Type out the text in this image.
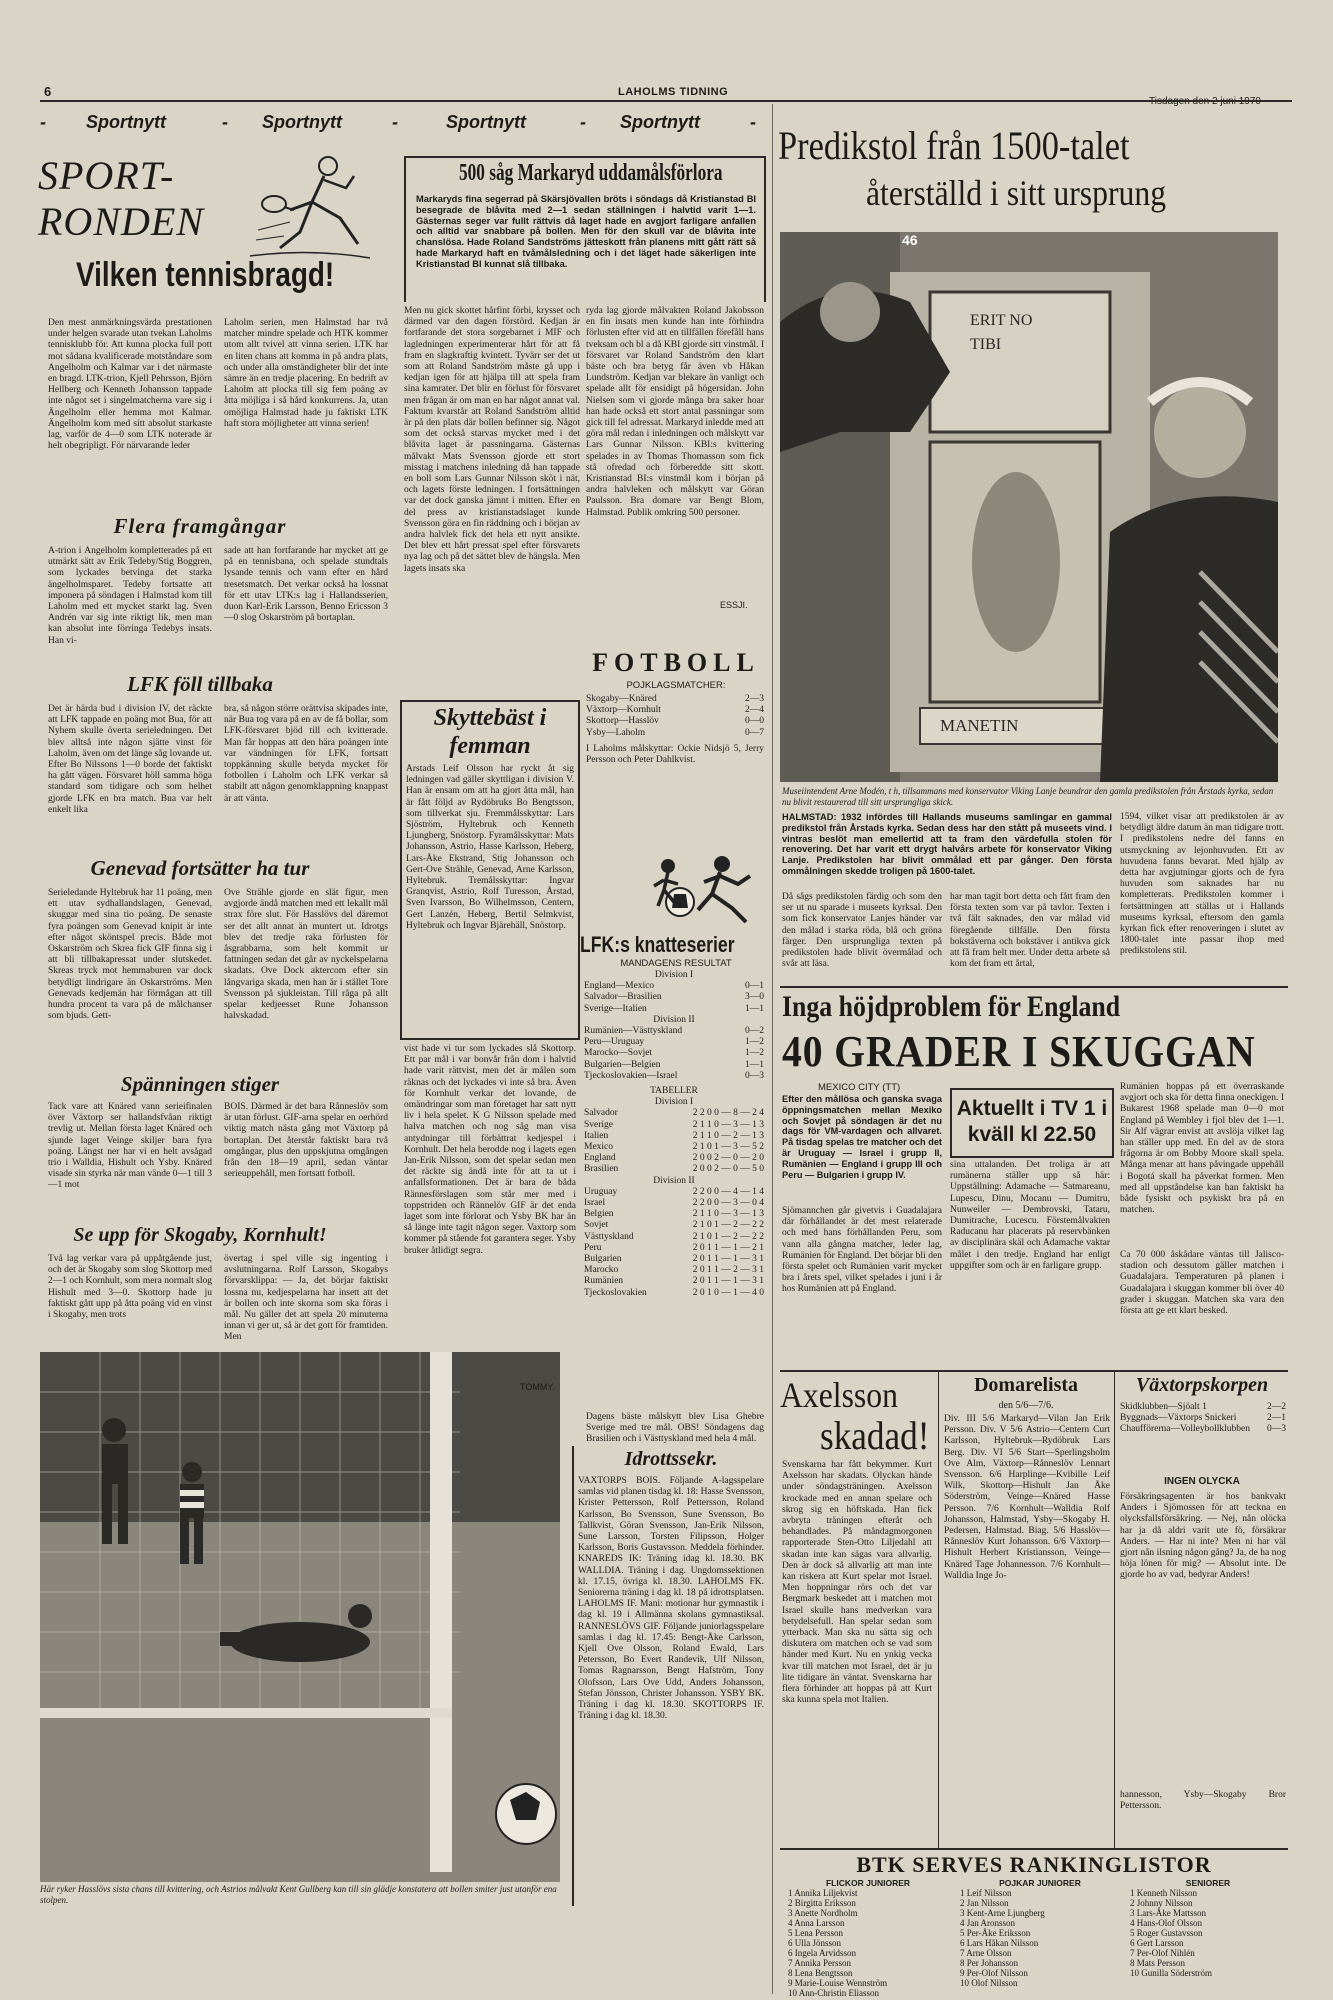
6	LAHOLMS TIDNING
- Sportnytt	- Sportnytt	-	Sportnytt	- Sportnytt	-
SPORT-
RONDEN
Vilken tennisbragd!
Den mest anmärkningsvärda prestationen under helgen svarade utan tvekan Laholms tennisklubb för. Att kunna plocka full pott mot sådana kvalificerade motståndare som Angelholm och Kalmar var i det närmaste en bragd. LTK-trion, Kjell Pehrsson, Björn Hellberg och Kenneth Johansson tappade inte något set i singelmatcherna vare sig i Ängelholm eller hemma mot Kalmar. Ängelholm kom med sitt absolut starkaste lag, varför de 4—0 som LTK noterade är helt obegripligt. För närvarande leder
Laholm serien, men Halmstad har två matcher mindre spelade och HTK kommer utom allt tvivel att vinna serien. LTK har en liten chans att komma in på andra plats, och under alla omständigheter blir det inte sämre än en tredje placering. En bedrift av Laholm att plocka till sig fem poäng av åtta möjliga i så hård konkurrens. Ja, utan omöjliga Halmstad hade ju faktiskt LTK haft stora möjligheter att vinna serien!
Flera framgångar
A-trion i Ängelholm kompletterades på ett utmärkt sätt av Erik Tedeby/Stig Boggren, som lyckades betvinga det starka ängelholmsparet. Tedeby fortsatte att imponera på söndagen i Halmstad kom till Laholm med ett mycket starkt lag. Sven Andrén var sig inte riktigt lik, men man kan absolut inte förringa Tedebys insats. Han vi-
sade att han fortfarande har mycket att ge på en tennisbana, och spelade stundtals lysande tennis och vann efter en hård tresetsmatch. Det verkar också ha lossnat för ett utav LTK:s lag i Hallandsserien, duon Karl-Erik Larsson, Benno Ericsson 3—0 slog Oskarström på bortaplan.
LFK föll tillbaka
Det är härda bud i division IV, det räckte att LFK tappade en poäng mot Bua, för att Nyhem skulle överta serieledningen. Det blev alltså inte någon sjätte vinst för Laholm, även om det länge såg lovande ut. Efter Bo Nilssons 1—0 borde det faktiskt ha gått vägen. Försvaret höll samma höga standard som tidigare och som helhet gjorde LFK en bra match. Bua var helt enkelt lika
bra, så någon större orättvisa skipades inte, när Bua tog vara på en av de få bollar, som LFK-försvaret bjöd till och kvitterade. Man får hoppas att den hära poängen inte var vändningen för LFK, fortsatt toppkänning skulle betyda mycket för fotbollen i Laholm och LFK verkar så stabilt att någon genomklappning knappast är att vänta.
Genevad fortsätter ha tur
Serieledande Hyltebruk har 11 poäng, men ett utav sydhallandslagen, Genevad, skuggar med sina tio poäng. De senaste fyra poängen som Genevad knipit är inte efter något sköntspel precis. Både mot Oskarström och Skrea fick GIF finna sig i att bli tillbakapressat under slutskedet. Skreas tryck mot hemmaburen var dock betydligt lindrigare än Oskarströms. Men Genevads kedjemän har förmågan att till hundra procent ta vara på de målchanser som bjuds. Gett-
Ove Strähle gjorde en slät figur, men avgjorde ändå matchen med ett lekallt mål strax före slut. För Hasslövs del däremot ser det allt annat än muntert ut. Idrotgs blev det tredje raka förlusten för åsgrabbarna, som helt kommit ur fattningen sedan det går av nyckelspelarna skadats. Ove Dock aktercom efter sin långvariga skada, men han är i stället Tore Svensson på sjukleistan. Till råga på allt spelar kedjeesset Rune Johansson halvskadad.
Spänningen stiger
Tack vare att Knäred vann serieifinalen över Växtorp ser hallandsfvåan riktigt trevlig ut. Mellan första laget Knäred och sjunde laget Veinge skiljer bara fyra poäng. Längst ner har vi en helt avsågad trio i Walldia, Hishult och Ysby. Knäred visade sin styrka när man vände 0—1 till 3—1 mot
BOIS. Därmed är det bara Rånneslöv som är utan förlust. GIF-arna spelar en oerhörd viktig match nästa gång mot Växtorp på bortaplan. Det återstår faktiskt bara två omgångar, plus den uppskjutna omgången från den 18—19 april, sedan väntar serieuppehåll, men fortsatt fotboll.
Se upp för Skogaby, Kornhult!
Två lag verkar vara på uppåtgående just, och det är Skogaby som slog Skottorp med 2—1 och Kornhult, som mera normalt slog Hishult med 3—0. Skottorp hade ju faktiskt gått upp på åtta poäng vid en vinst i Skogaby, men trots
övertag i spel ville sig ingenting i avslutningarna. Rolf Larsson, Skogabys förvarsklippa: — Ja, det börjar faktiskt lossna nu, kedjespelarna har insett att det är bollen och inte skorna som ska föras i mål. Nu gäller det att spela 20 minuterna innan vi ger ut, så är det gott för framtiden. Men
Här ryker Hasslövs sista chans till kvittering, och Astrios målvakt Kent Gullberg kan till sin glädje konstatera att bollen smiter just utanför ena stolpen.
500 såg Markaryd uddamålsförlora
Markaryds fina segerrad på Skärsjövallen bröts i söndags då Kristianstad BI besegrade de blåvita med 2—1 sedan ställningen i halvtid varit 1—1. Gästernas seger var fullt rättvis då laget hade en avgjort farligare anfallen och alltid var snabbare på bollen. Men för den skull var de blåvita inte chanslösa. Hade Roland Sandströms jätteskott från planens mitt gått rätt så hade Markaryd haft en tvåmålsledning och i det läget hade säkerligen inte Kristianstad BI kunnat slå tillbaka.
Men nu gick skottet hårfint förbi, krysset och därmed var den dagen förstörd. Kedjan är fortfarande det stora sorgebarnet i MIF och lagledningen experimenterar hårt för att få fram en slagkraftig kvintett. Tyvärr ser det ut som att Roland Sandström måste gå upp i kedjan igen för att hjälpa till att spela fram sina kamrater. Det blir en förlust för försvaret men frågan är om man en har något annat val. Faktum kvarstår att Roland Sandström alltid är på den plats där bollen befinner sig. Något som det också starvas mycket med i det blåvita laget är passningarna. Gästernas målvakt Mats Svensson gjorde ett stort misstag i matchens inledning då han tappade en boll som Lars Gunnar Nilsson sköt i nät, och lagets förste ledningen. I fortsättningen var det dock ganska jämnt i mitten. Efter en del press av kristianstadslaget kunde Svensson göra en fin räddning och i början av andra halvlek fick det hela ett nytt ansikte. Det blev ett hårt pressat spel efter försvarets nya lag och på det sättet blev de hängsla. Men lagets insats ska
ryda lag gjorde målvakten Roland Jakobsson en fin insats men kunde han inte förhindra förlusten efter vid att en tillfällen förefåll hans tveksam och bl a då KBI gjorde sitt vinstmål. I försvaret var Roland Sandström den klart bäste och bra betyg får även vb Håkan Lundström. Kedjan var blekare än vanligt och spelade allt för ensidigt på högersidan. John Nielsen som vi gjorde många bra saker hoar han hade också ett stort antal passningar som gick till fel adressat. Markaryd inledde med att göra mål redan i inledningen och målskytt var Lars Gunnar Nilsson. KBI:s kvittering spelades in av Thomas Thomasson som fick stå ofredad och förberedde sitt skott. Kristianstad BI:s vinstmål kom i början på andra halvleken och målskytt var Göran Paulsson. Bra domare var Bengt Blom, Halmstad. Publik omkring 500 personer.
ESSJI.
FOTBOLL
POJKLAGSMATCHER:
Skogaby—Knäred	2—3
Växtorp—Kornhult	2—4
Skottorp—Hasslöv	0—0
Ysby—Laholm	0—7
I Laholms målskyttar: Ockie Nidsjö 5, Jerry Persson och Peter Dahlkvist.
Skyttebäst i femman
Årstads Leif Olsson har ryckt åt sig ledningen vad gäller skyttligan i division V. Han är ensam om att ha gjort åtta mål, han är fått följd av Rydöbruks Bo Bengtsson, som tillverkat sju. Fremmålsskyttar: Lars Sjöström, Hyltebruk och Kenneth Ljungberg, Snöstorp. Fyramålsskyttar: Mats Johansson, Astrio, Hasse Karlsson, Heberg, Lars-Åke Ekstrand, Stig Johansson och Gert-Ove Strähle, Genevad, Arne Karlsson, Hyltebruk. Tremålsskyttar: Ingvar Granqvist, Astrio, Rolf Turesson, Årstad, Sven Ivarsson, Bo Wilhelmsson, Centern, Gert Lanzén, Heberg, Bertil Selmkvist, Hyltebruk och Ingvar Bjärehäll, Snöstorp.
LFK:s knatteserier
MANDAGENS RESULTAT
Division I
England—Mexico	0—1
Salvador—Brasilien	3—0
Sverige—Italien	1—1
Division II
Rumänien—Västtyskland	0—2
Peru—Uruguay	1—2
Marocko—Sovjet	1—2
Bulgarien—Belgien	1—1
Tjeckoslovakien—Israel	0—3
TABELLER
Division I
Salvador	2 2 0 0 — 8 — 2 4
Sverige	2 1 1 0 — 3 — 1 3
Italien	2 1 1 0 — 2 — 1 3
Mexico	2 1 0 1 — 3 — 5 2
England	2 0 0 2 — 0 — 2 0
Brasilien	2 0 0 2 — 0 — 5 0
Division II
Uruguay	2 2 0 0 — 4 — 1 4
Israel	2 2 0 0 — 3 — 0 4
Belgien	2 1 1 0 — 3 — 1 3
Sovjet	2 1 0 1 — 2 — 2 2
Västtyskland	2 1 0 1 — 2 — 2 2
Peru	2 0 1 1 — 1 — 2 1
Bulgarien	2 0 1 1 — 1 — 3 1
Marocko	2 0 1 1 — 2 — 3 1
Rumänien	2 0 1 1 — 1 — 3 1
Tjeckoslovakien	2 0 1 0 — 1 — 4 0
Dagens bäste målskytt blev Lisa Ghebre Sverige med tre mål. OBS! Söndagens dag Brasilien och i Västtyskland med hela 4 mål.
vist hade vi tur som lyckades slå Skottorp. Ett par mål i var bonvår från dom i halvtid hade varit rättvist, men det är målen som räknas och det lyckades vi inte så bra. Även för Kornhult verkar det lovande, de omändringar som man företaget har satt nytt liv i hela spelet. K G Nilsson spelade med halva matchen och nog såg man visa antydningar till förbättrat kedjespel i Kornhult. Det hela berodde nog i lagets egen Jan-Erik Nilsson, som det spelar sedan men det räckte sig ändå inte för att ta ut i anfallsformationen. Det är bara de båda Rännesförslagen som står mer med i toppstriden och Rännelöv GIF är det enda laget som inte förlorat och Ysby BK har än så länge inte tagit någon seger. Vaxtorp som kommer på stående fot garantera seger. Ysby bruker åtlidigt segra.
TOMMY.
Idrottssekr.
VAXTORPS BOIS. Följande A-lagsspelare samlas vid planen tisdag kl. 18: Hasse Svensson, Krister Pettersson, Rolf Pettersson, Roland Karlsson, Bo Svensson, Sune Svensson, Bo Tallkvist, Göran Svensson, Jan-Erik Nilsson, Sune Larsson, Torsten Filipsson, Holger Karlsson, Boris Gustavsson. Meddela förhinder. KNAREDS IK: Träning idag kl. 18.30. BK WALLDIA. Träning i dag. Ungdomssektionen kl. 17.15, övriga kl. 18.30. LAHOLMS FK. Seniorerna träning i dag kl. 18 på idrottsplatsen. LAHOLMS IF. Mani: motionar hur gymnastik i dag kl. 19 i Allmänna skolans gymnastiksal. RANNESLÖVS GIF. Följande juniorlagsspelare samlas i dag kl. 17.45: Bengt-Åke Carlsson, Kjell Ove Olsson, Roland Ewald, Lars Petersson, Bo Evert Randevik, Ulf Nilsson, Tomas Ragnarsson, Bengt Hafström, Tony Olofsson, Lars Ove Udd, Anders Johansson, Stefan Jönsson, Christer Johansson. YSBY BK. Träning i dag kl. 18.30. SKOTTORPS IF. Träning i dag kl. 18.30.
Predikstol från 1500-talet
återställd i sitt ursprung
ERIT NO
TIBI
MANETIN
46
Museiintendent Arne Modén, t h, tillsammans med konservator Viking Lanje beundrar den gamla predikstolen från Årstads kyrka, sedan nu blivit restaurerad till sitt ursprungliga skick.
HALMSTAD: 1932 infördes till Hallands museums samlingar en gammal predikstol från Årstads kyrka. Sedan dess har den stått på museets vind. I vintras beslöt man emellertid att ta fram den värdefulla stolen för renovering. Det har varit ett drygt halvårs arbete för konservator Viking Lanje. Predikstolen har blivit ommålad ett par gånger. Den första ommålningen skedde troligen på 1600-talet.
Då sågs predikstolen färdig och som den ser ut nu sparade i museets kyrksal. Den som fick konservator Lanjes händer var den målad i starka röda, blå och gröna färger. Den ursprungliga texten på predikstolen hade blivit övermålad och svår att läsa.
har man tagit bort detta och fått fram den första texten som var på tavlor. Texten i två fält saknades, den var målad vid föregående tillfälle. Den första bokstäverna och bokstäver i antikva gick att få fram helt mer. Under detta arbete så kom det fram ett årtal,
1594, vilket visar att predikstolen är av betydligt äldre datum än man tidigare trott. I predikstolens nedre del fanns en utsmyckning av lejonhuvuden. Ett av huvudena fanns bevarat. Med hjälp av detta har avgjutningar gjorts och de fyra huvuden som saknades har nu kompletterats. Predikstolen kommer i fortsättningen att ställas ut i Hallands museums kyrksal, eftersom den gamla kyrkan fick efter renoveringen i slutet av 1800-talet inte passar ihop med predikstolens stil.
Inga höjdproblem för England
40 GRADER I SKUGGAN
MEXICO CITY (TT)
Efter den mållösa och ganska svaga öppningsmatchen mellan Mexiko och Sovjet på söndagen är det nu dags för VM-vardagen och allvaret. På tisdag spelas tre matcher och det är Uruguay — Israel i grupp II, Rumänien — England i grupp III och Peru — Bulgarien i grupp IV.
Aktuellt i TV 1 i kväll kl 22.50
Sjömannchen går givetvis i Guadalajara där förhållandet är det mest relaterade och med hans förhållanden Peru, som vann alla gångna matcher, leder lag, Rumänien för England. Det börjar bli den första spelet och Rumänien varit mycket bra i årets spel, vilket spelades i juni i år hos Rumänien att på England.
sina uttalanden. Det troliga är att rumänerna ställer upp så här: Uppställning: Adamache — Satmareanu, Lupescu, Dinu, Mocanu — Dumitru, Nunweiler — Dembrovski, Tataru, Dumitrache, Lucescu. Förstemålvakten Raducanu har placerats på reservbänken av disciplinära skäl och Adamache vaktar målet i den tredje. England har enligt uppgifter som och är en farligare grupp.
Rumänien hoppas på ett överraskande avgjort och ska för detta finna oneckigen. I Bukarest 1968 spelade man 0—0 mot England på Wembley i fjol blev det 1—1. Sir Alf vägrar envist att avslöja vilket lag han ställer upp med. En del av de stora frågorna är om Bobby Moore skall spela. Många menar att hans påvingade uppehåll i Bogotá skall ha påverkat formen. Men med all uppståndelse kan han faktiskt ha både fysiskt och psykiskt bra på en matchen.
Ca 70 000 åskådare väntas till Jalisco-stadion och dessutom gäller matchen i Guadalajara. Temperaturen på planen i Guadalajara i skuggan kommer bli över 40 grader i skuggan. Matchen ska vara den första att ge ett klart besked.
Axelsson
skadad!
Svenskarna har fått bekymmer. Kurt Axelsson har skadats. Olyckan hände under söndagsträningen. Axelsson krockade med en annan spelare och skrog sig en höftskada. Han fick avbryta träningen efteråt och behandlades. På måndagmorgonen rapporterade Sten-Otto Liljedahl att skadan inte kan sägas vara allvarlig. Den är dock så allvarlig att man inte kan riskera att Kurt spelar mot Israel. Men hoppningar rörs och det var Bergmark beskedet att i matchen mot Israel skulle hans medverkan vara betydelsefull. Han spelar sedan som ytterback. Man ska nu sätta sig och diskutera om matchen och se vad som händer med Kurt. Nu en ynkig vecka kvar till matchen mot Israel, det är ju lite tidigare än väntat. Svenskarna har flera förhinder att hoppas på att Kurt ska kunna spela mot Italien.
Domarelista
den 5/6—7/6.
Div. III 5/6 Markaryd—Vilan Jan Erik Persson. Div. V 5/6 Astrio—Centern Curt Karlsson, Hyltebruk—Rydöbruk Lars Berg. Div. VI 5/6 Start—Sperlingsholm Ove Alm, Växtorp—Rånneslöv Lennart Svensson. 6/6 Harplinge—Kvibille Leif Wilk, Skottorp—Hishult Jan Åke Söderström, Veinge—Knäred Hasse Persson. 7/6 Kornhult—Walldia Rolf Johansson, Halmstad, Ysby—Skogaby H. Pedersen, Halmstad. Biag. 5/6 Hasslöv—Rånneslöv Kurt Johansson. 6/6 Växtorp—Hishult Herbert Kristiansson, Veinge—Knäred Tage Johannesson. 7/6 Kornhult—Walldia Inge Jo-
Växtorpskorpen
Skidklubben—Sjöalt 1	2—2
Byggnads—Växtorps Snickeri	2—1
Chaufförerna—Volleybollklubben	0—3
INGEN OLYCKA
Försäkringsagenten är hos bankvakt Anders i Sjömossen för att teckna en olycksfallsförsäkring. — Nej, nån olöcka har ja då aldri varit ute fö, försäkrar Anders. — Har ni inte? Men ni har väl gjort nån ilsning någon gång? Ja, de ha nog höja lönen för mig? — Absolut inte. De gjorde ho av vad, bedyrar Anders!
hannesson, Ysby—Skogaby Bror Pettersson.
BTK SERVES RANKINGLISTOR
FLICKOR JUNIORER
1 Annika Liljekvist
2 Birgitta Eriksson
3 Anette Nordholm
4 Anna Larsson
5 Lena Persson
6 Ulla Jönsson
6 Ingela Arvidsson
7 Annika Persson
8 Lena Bengtsson
9 Marie-Louise Wennström
10 Ann-Christin Eliasson
POJKAR JUNIORER
1 Leif Nilsson
2 Jan Nilsson
3 Kent-Arne Ljungberg
4 Jan Aronsson
5 Per-Åke Eriksson
6 Lars Håkan Nilsson
7 Arne Olsson
8 Per Johansson
9 Per-Olof Nilsson
10 Olof Nilsson
SENIORER
1 Kenneth Nilsson
2 Johnny Nilsson
3 Lars-Åke Mattsson
4 Hans-Olof Olsson
5 Roger Gustavsson
6 Gert Larsson
7 Per-Olof Nihlén
8 Mats Persson
10 Gunilla Söderström
